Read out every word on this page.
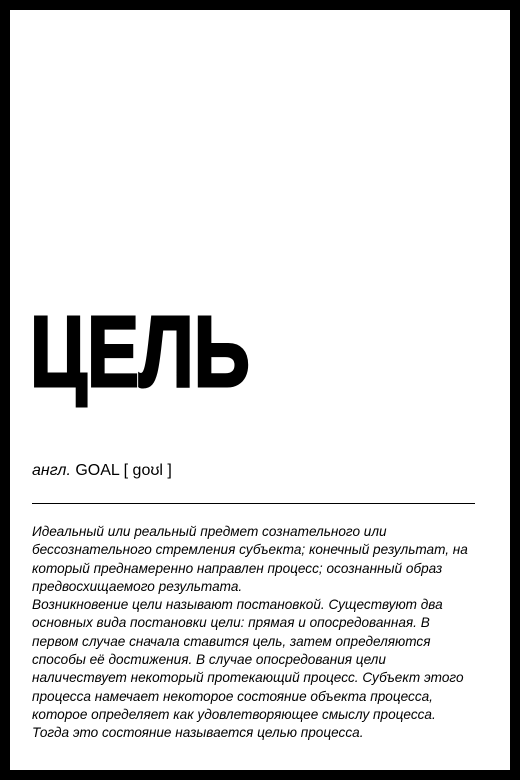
ЦЕЛЬ
англ. GOAL [ ɡoʊl ]
Идеальный или реальный предмет сознательного или
бессознательного стремления субъекта; конечный результат, на
который преднамеренно направлен процесс; осознанный образ
предвосхищаемого результата.
Возникновение цели называют постановкой. Существуют два
основных вида постановки цели: прямая и опосредованная. В
первом случае сначала ставится цель, затем определяются
способы её достижения. В случае опосредования цели
наличествует некоторый протекающий процесс. Субъект этого
процесса намечает некоторое состояние объекта процесса,
которое определяет как удовлетворяющее смыслу процесса.
Тогда это состояние называется целью процесса.
